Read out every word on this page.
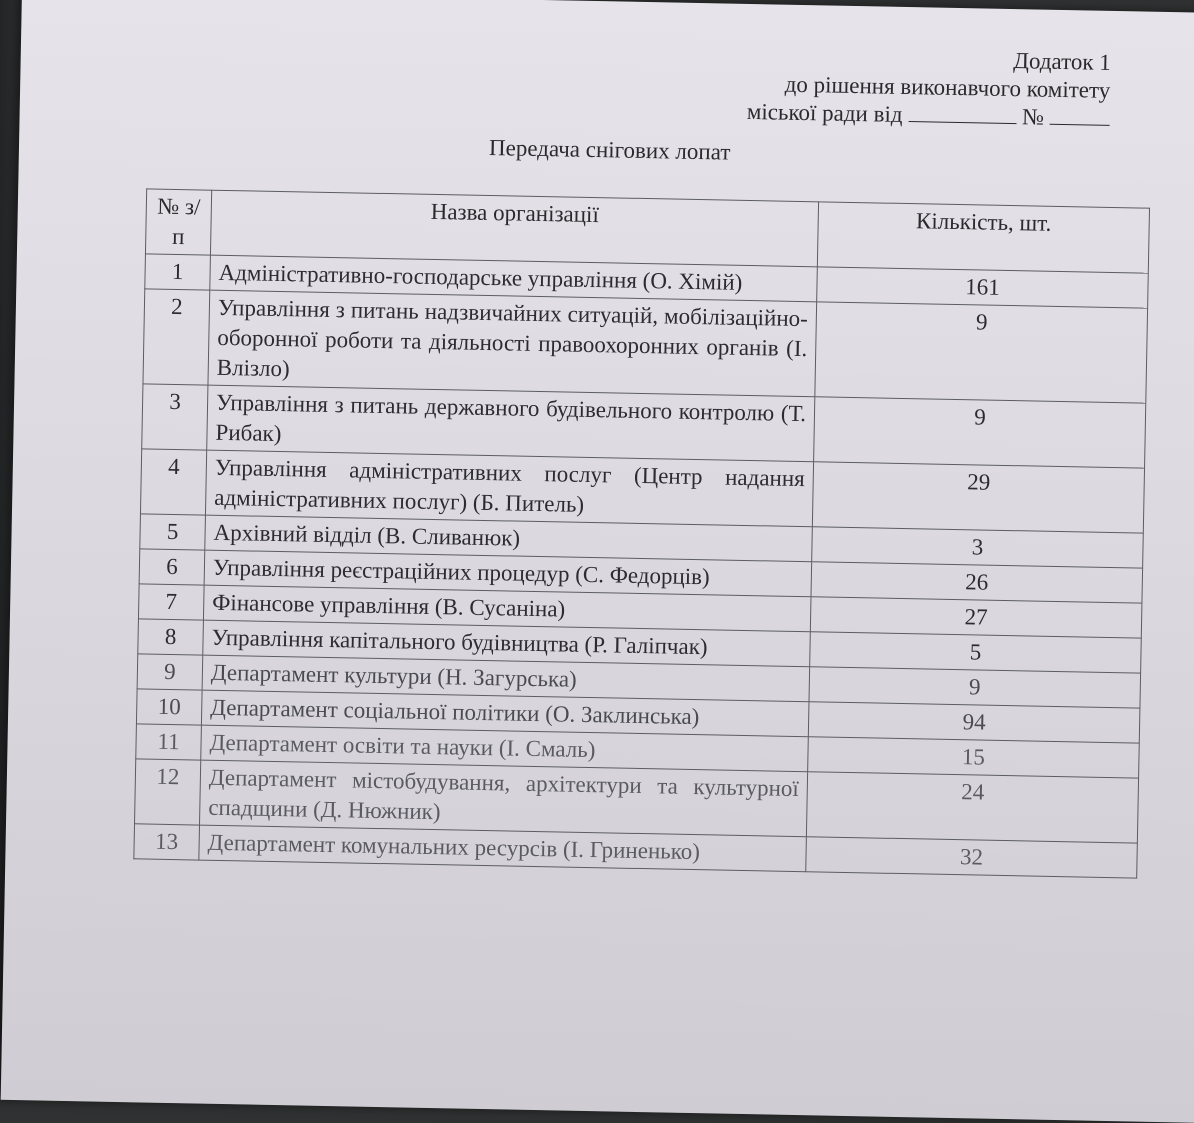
Додаток 1
до рішення виконавчого комітету
міської ради від	№
Передача снігових лопат
№ з/п	Назва організації	Кількість, шт.
1	Адміністративно-господарське управління (О. Хімій)	161
2	Управління з питань надзвичайних ситуацій, мобілізаційно-оборонної роботи та діяльності правоохоронних органів (І. Влізло)	9
3	Управління з питань державного будівельного контролю (Т. Рибак)	9
4	Управління адміністративних послуг (Центр надання адміністративних послуг) (Б. Питель)	29
5	Архівний відділ (В. Сливанюк)	3
6	Управління реєстраційних процедур (С. Федорців)	26
7	Фінансове управління (В. Сусаніна)	27
8	Управління капітального будівництва (Р. Галіпчак)	5
9	Департамент культури (Н. Загурська)	9
10	Департамент соціальної політики (О. Заклинська)	94
11	Департамент освіти та науки (І. Смаль)	15
12	Департамент містобудування, архітектури та культурної спадщини (Д. Нюжник)	24
13	Департамент комунальних ресурсів (І. Гриненько)	32
